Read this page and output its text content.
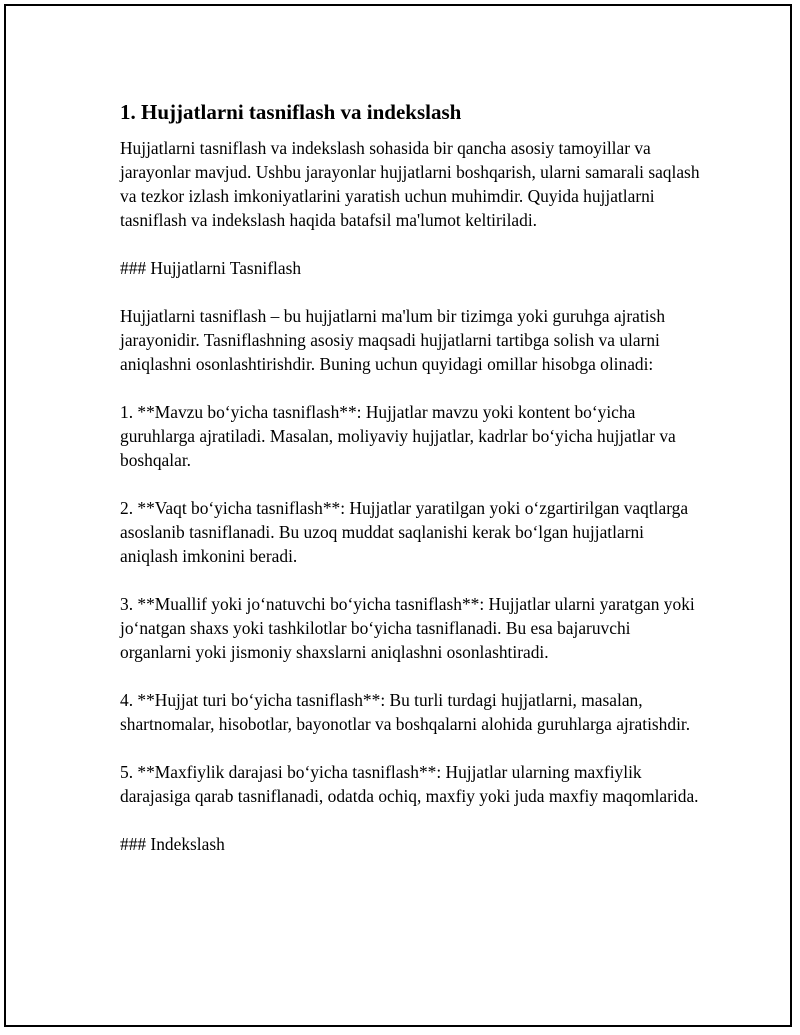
1. Hujjatlarni tasniflash va indekslash

Hujjatlarni tasniflash va indekslash sohasida bir qancha asosiy tamoyillar va jarayonlar mavjud. Ushbu jarayonlar hujjatlarni boshqarish, ularni samarali saqlash va tezkor izlash imkoniyatlarini yaratish uchun muhimdir. Quyida hujjatlarni tasniflash va indekslash haqida batafsil ma'lumot keltiriladi.

### Hujjatlarni Tasniflash

Hujjatlarni tasniflash – bu hujjatlarni ma'lum bir tizimga yoki guruhga ajratish jarayonidir. Tasniflashning asosiy maqsadi hujjatlarni tartibga solish va ularni aniqlashni osonlashtirishdir. Buning uchun quyidagi omillar hisobga olinadi:

1. **Mavzu bo‘yicha tasniflash**: Hujjatlar mavzu yoki kontent bo‘yicha guruhlarga ajratiladi. Masalan, moliyaviy hujjatlar, kadrlar bo‘yicha hujjatlar va boshqalar.

2. **Vaqt bo‘yicha tasniflash**: Hujjatlar yaratilgan yoki o‘zgartirilgan vaqtlarga asoslanib tasniflanadi. Bu uzoq muddat saqlanishi kerak bo‘lgan hujjatlarni aniqlash imkonini beradi.

3. **Muallif yoki jo‘natuvchi bo‘yicha tasniflash**: Hujjatlar ularni yaratgan yoki jo‘natgan shaxs yoki tashkilotlar bo‘yicha tasniflanadi. Bu esa bajaruvchi organlarni yoki jismoniy shaxslarni aniqlashni osonlashtiradi.

4. **Hujjat turi bo‘yicha tasniflash**: Bu turli turdagi hujjatlarni, masalan, shartnomalar, hisobotlar, bayonotlar va boshqalarni alohida guruhlarga ajratishdir.

5. **Maxfiylik darajasi bo‘yicha tasniflash**: Hujjatlar ularning maxfiylik darajasiga qarab tasniflanadi, odatda ochiq, maxfiy yoki juda maxfiy maqomlarida.

### Indekslash
